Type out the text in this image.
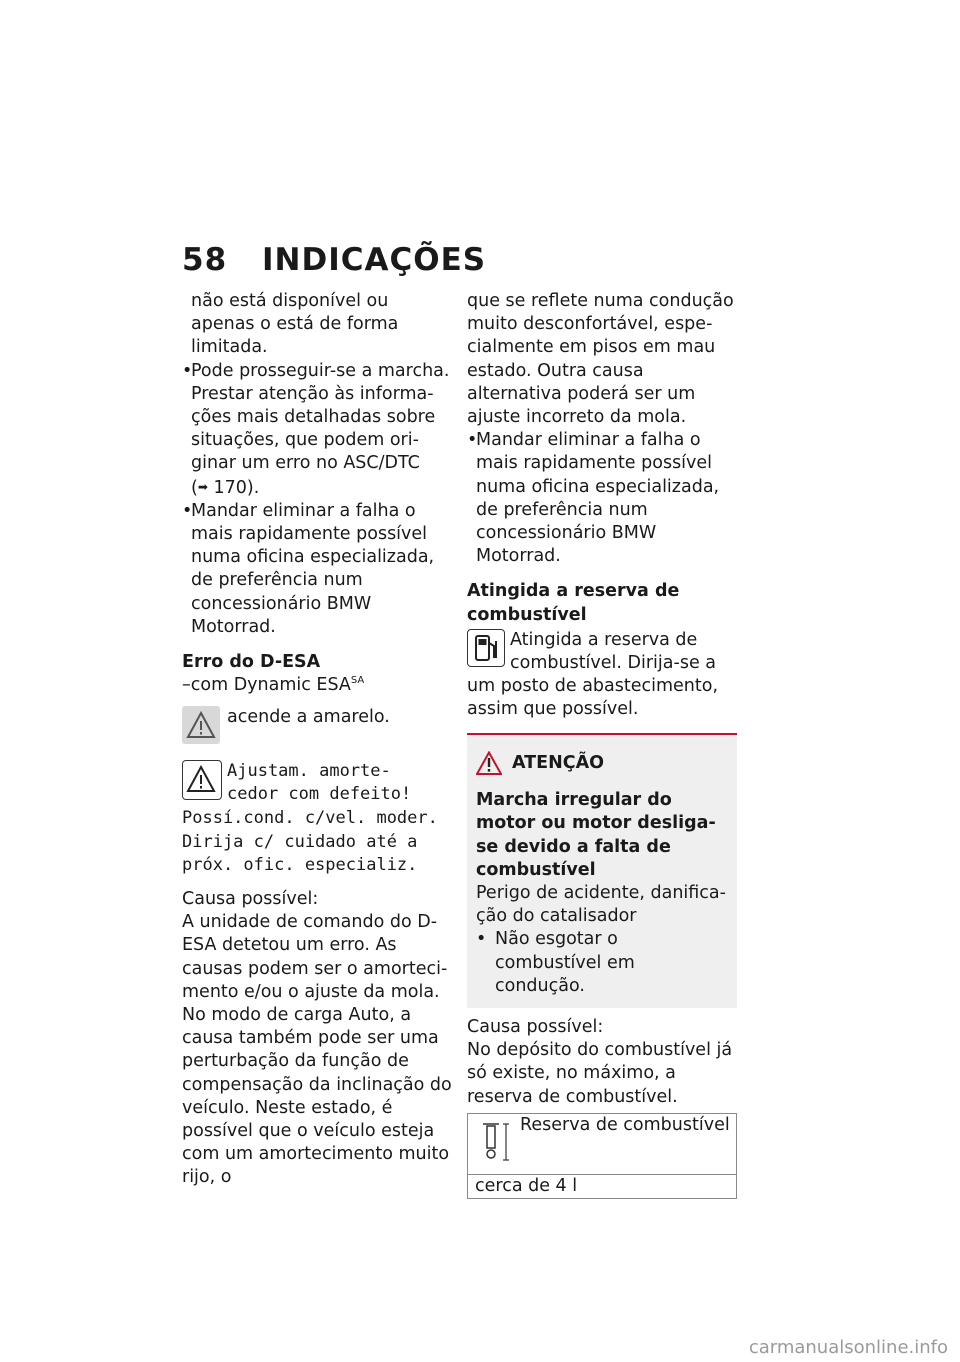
58 INDICAÇÕES

não está disponível ou apenas o está de forma limitada.

•
Pode prosseguir-se a marcha. Prestar atenção às informações mais detalhadas sobre situações, que podem originar um erro no ASC/DTC
(➡ 170).
•
Mandar eliminar a falha o mais rapidamente possível numa oficina especializada, de preferência num concessionário BMW Motorrad.

Erro do D-ESA

–com Dynamic $ESA^{SA}$

acende a amarelo.
Ajustam. amorte-
cedor com defeito!

Possí.cond. c/vel. moder. Dirija c/ cuidado até a próx. ofic. especializ.

Causa possível:

A unidade de comando do D-ESA detetou um erro. As causas podem ser o amortecimento e/ou o ajuste da mola. No modo de carga Auto, a causa também pode ser uma perturbação da função de compensação da inclinação do veículo. Neste estado, é possível que o veículo esteja com um amortecimento muito rijo, o

que se reflete numa condução muito desconfortável, especialmente em pisos em mau estado. Outra causa alternativa poderá ser um ajuste incorreto da mola.

•
Mandar eliminar a falha o mais rapidamente possível numa oficina especializada, de preferência num concessionário BMW Motorrad.

Atingida a reserva de combustível

Atingida a reserva de
combustível. Dirija-se a

um posto de abastecimento, assim que possível.

ATENÇÃO

Marcha irregular do motor ou motor desliga-se devido a falta de combustível

Perigo de acidente, danificação do catalisador

• Não esgotar o combustível em condução.

Causa possível:

No depósito do combustível já só existe, no máximo, a reserva de combustível.

Reserva de combustível
cerca de 4 l
carmanualsonline.info
